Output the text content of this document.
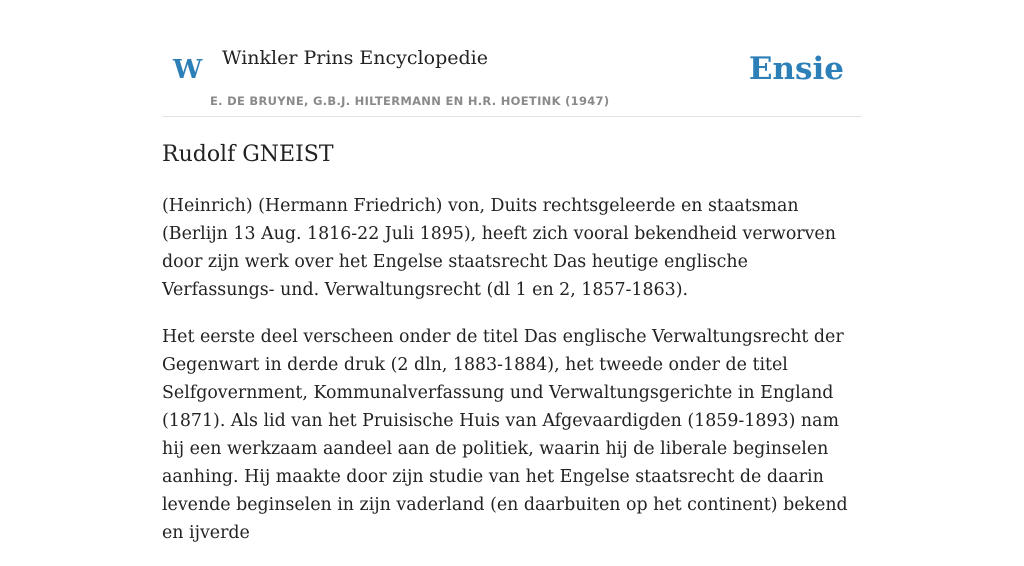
W Winkler Prins Encyclopedie
E. DE BRUYNE, G.B.J. HILTERMANN EN H.R. HOETINK (1947)
Ensie
Rudolf GNEIST

(Heinrich) (Hermann Friedrich) von, Duits rechtsgeleerde en staatsman (Berlijn 13 Aug. 1816-22 Juli 1895), heeft zich vooral bekendheid verworven door zijn werk over het Engelse staatsrecht Das heutige englische Verfassungs- und. Verwaltungsrecht (dl 1 en 2, 1857-1863).

Het eerste deel verscheen onder de titel Das englische Verwaltungsrecht der Gegenwart in derde druk (2 dln, 1883-1884), het tweede onder de titel Selfgovernment, Kommunalverfassung und Verwaltungsgerichte in England (1871). Als lid van het Pruisische Huis van Afgevaardigden (1859-1893) nam hij een werkzaam aandeel aan de politiek, waarin hij de liberale beginselen aanhing. Hij maakte door zijn studie van het Engelse staatsrecht de daarin levende beginselen in zijn vaderland (en daarbuiten op het continent) bekend en ijverde
